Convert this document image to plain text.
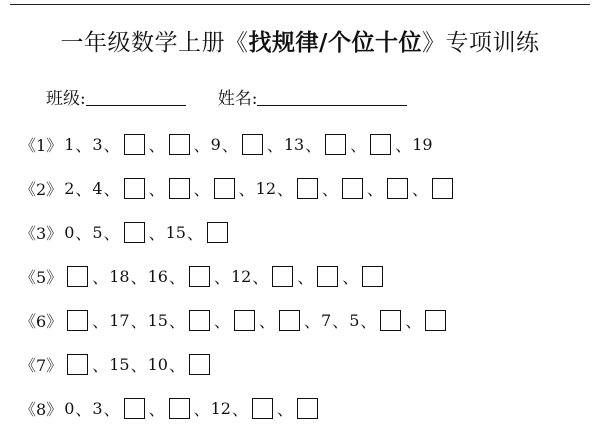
一年级数学上册《找规律/个位十位》专项训练
班级:	姓名:
《1》 1 、 3 、 、 、 9 、 、 13 、 、 、 19
《2》 2 、 4 、 、 、 、 12 、 、 、 、
《3》 0 、 5 、 、 15 、
《5》 、 18 、 16 、 、 12 、 、 、
《6》 、 17 、 15 、 、 、 、 7 、 5 、 、
《7》 、 15 、 10 、
《8》 0 、 3 、 、 、 12 、 、
